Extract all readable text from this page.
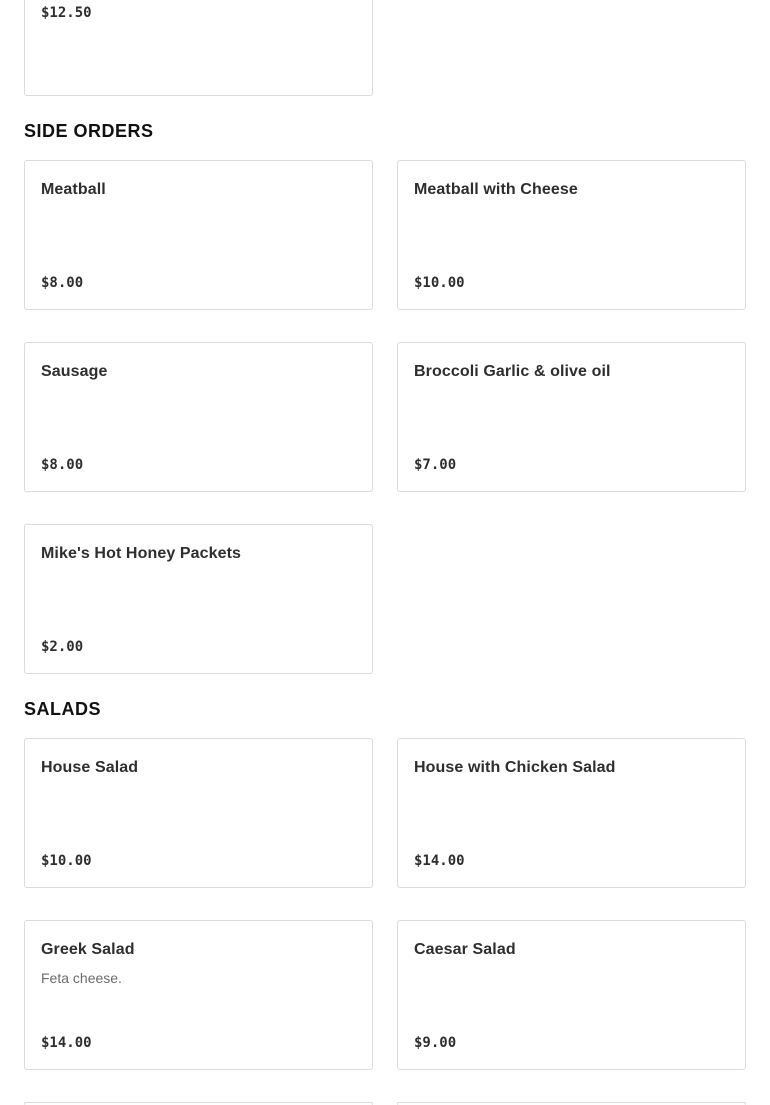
$12.50
SIDE ORDERS
Meatball
$8.00
Meatball with Cheese
$10.00
Sausage
$8.00
Broccoli Garlic & olive oil
$7.00
Mike's Hot Honey Packets
$2.00
SALADS
House Salad
$10.00
House with Chicken Salad
$14.00
Greek Salad
Feta cheese.
$14.00
Caesar Salad
$9.00
